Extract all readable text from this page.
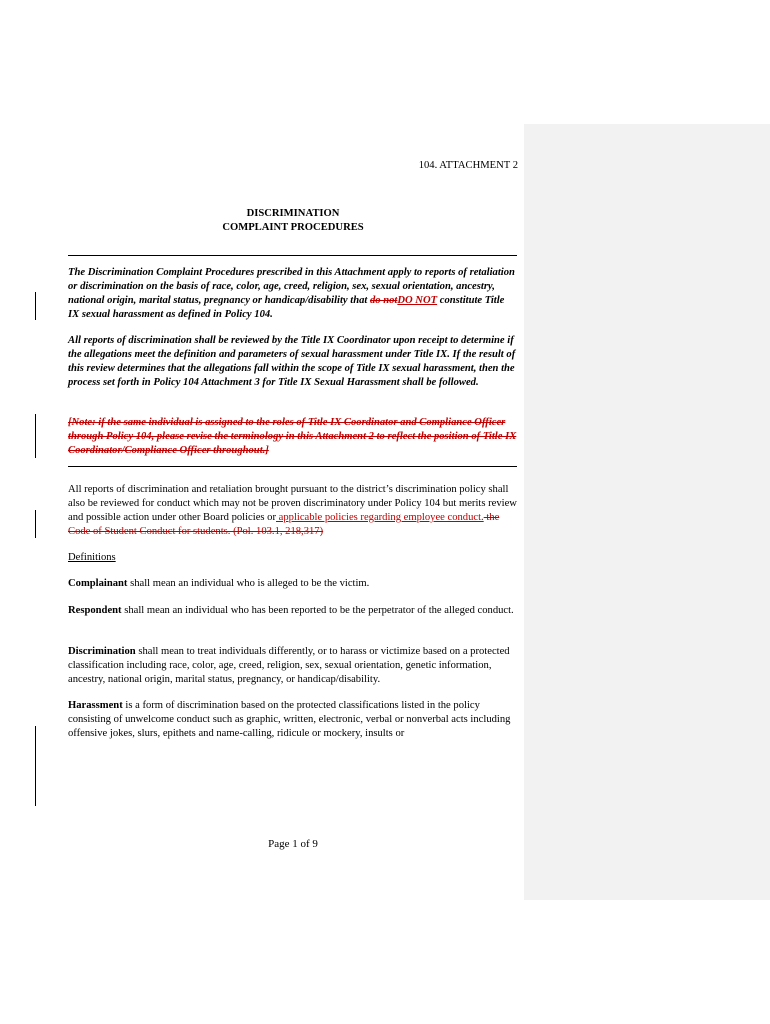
104. ATTACHMENT 2
DISCRIMINATION
COMPLAINT PROCEDURES
The Discrimination Complaint Procedures prescribed in this Attachment apply to reports of retaliation or discrimination on the basis of race, color, age, creed, religion, sex, sexual orientation, ancestry, national origin, marital status, pregnancy or handicap/disability that do notDO NOT constitute Title IX sexual harassment as defined in Policy 104.
All reports of discrimination shall be reviewed by the Title IX Coordinator upon receipt to determine if the allegations meet the definition and parameters of sexual harassment under Title IX. If the result of this review determines that the allegations fall within the scope of Title IX sexual harassment, then the process set forth in Policy 104 Attachment 3 for Title IX Sexual Harassment shall be followed.
[Note: if the same individual is assigned to the roles of Title IX Coordinator and Compliance Officer through Policy 104, please revise the terminology in this Attachment 2 to reflect the position of Title IX Coordinator/Compliance Officer throughout.]
All reports of discrimination and retaliation brought pursuant to the district’s discrimination policy shall also be reviewed for conduct which may not be proven discriminatory under Policy 104 but merits review and possible action under other Board policies or applicable policies regarding employee conduct. the Code of Student Conduct for students. (Pol. 103.1, 218,317)
Definitions
Complainant shall mean an individual who is alleged to be the victim.
Respondent shall mean an individual who has been reported to be the perpetrator of the alleged conduct.
Discrimination shall mean to treat individuals differently, or to harass or victimize based on a protected classification including race, color, age, creed, religion, sex, sexual orientation, genetic information, ancestry, national origin, marital status, pregnancy, or handicap/disability.
Harassment is a form of discrimination based on the protected classifications listed in the policy consisting of unwelcome conduct such as graphic, written, electronic, verbal or nonverbal acts including offensive jokes, slurs, epithets and name-calling, ridicule or mockery, insults or
Page 1 of 9
